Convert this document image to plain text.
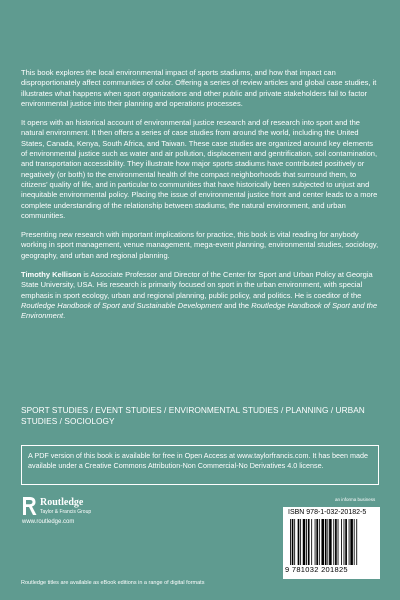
This book explores the local environmental impact of sports stadiums, and how that impact can disproportionately affect communities of color. Offering a series of review articles and global case studies, it illustrates what happens when sport organizations and other public and private stakeholders fail to factor environmental justice into their planning and operations processes.

It opens with an historical account of environmental justice research and of research into sport and the natural environment. It then offers a series of case studies from around the world, including the United States, Canada, Kenya, South Africa, and Taiwan. These case studies are organized around key elements of environmental justice such as water and air pollution, displacement and gentrification, soil contamination, and transportation accessibility. They illustrate how major sports stadiums have contributed positively or negatively (or both) to the environmental health of the compact neighborhoods that surround them, to citizens’ quality of life, and in particular to communities that have historically been subjected to unjust and inequitable environmental policy. Placing the issue of environmental justice front and center leads to a more complete understanding of the relationship between stadiums, the natural environment, and urban communities.

Presenting new research with important implications for practice, this book is vital reading for anybody working in sport management, venue management, mega-event planning, environmental studies, sociology, geography, and urban and regional planning.

Timothy Kellison is Associate Professor and Director of the Center for Sport and Urban Policy at Georgia State University, USA. His research is primarily focused on sport in the urban environment, with special emphasis in sport ecology, urban and regional planning, public policy, and politics. He is coeditor of the Routledge Handbook of Sport and Sustainable Development and the Routledge Handbook of Sport and the Environment.

SPORT STUDIES / EVENT STUDIES / ENVIRONMENTAL STUDIES / PLANNING / URBAN STUDIES / SOCIOLOGY
A PDF version of this book is available for free in Open Access at www.taylorfrancis.com. It has been made available under a Creative Commons Attribution-Non Commercial-No Derivatives 4.0 license.
Routledge
Taylor & Francis Group
www.routledge.com
an informa business
ISBN 978-1-032-20182-5
9 781032 201825
Routledge titles are available as eBook editions in a range of digital formats
